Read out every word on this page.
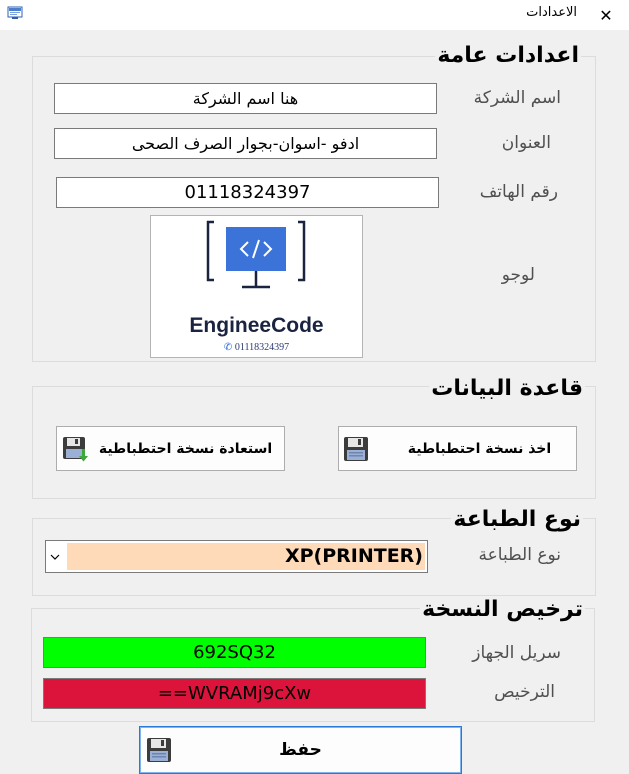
الاعدادات ✕
اعدادات عامة
اسم الشركة
هنا اسم الشركة
العنوان
ادفو -اسوان-بجوار الصرف الصحى
رقم الهاتف
01118324397
لوجو
EngineeCode
✆ 01118324397
قاعدة البيانات
اخذ نسخة احتطباطية
استعادة نسخة احتطباطية
نوع الطباعة
نوع الطباعة
XP(PRINTER)
ترخيص النسخة
سريل الجهاز
692SQ32
الترخيص
==WVRAMj9cXw
حفظ
